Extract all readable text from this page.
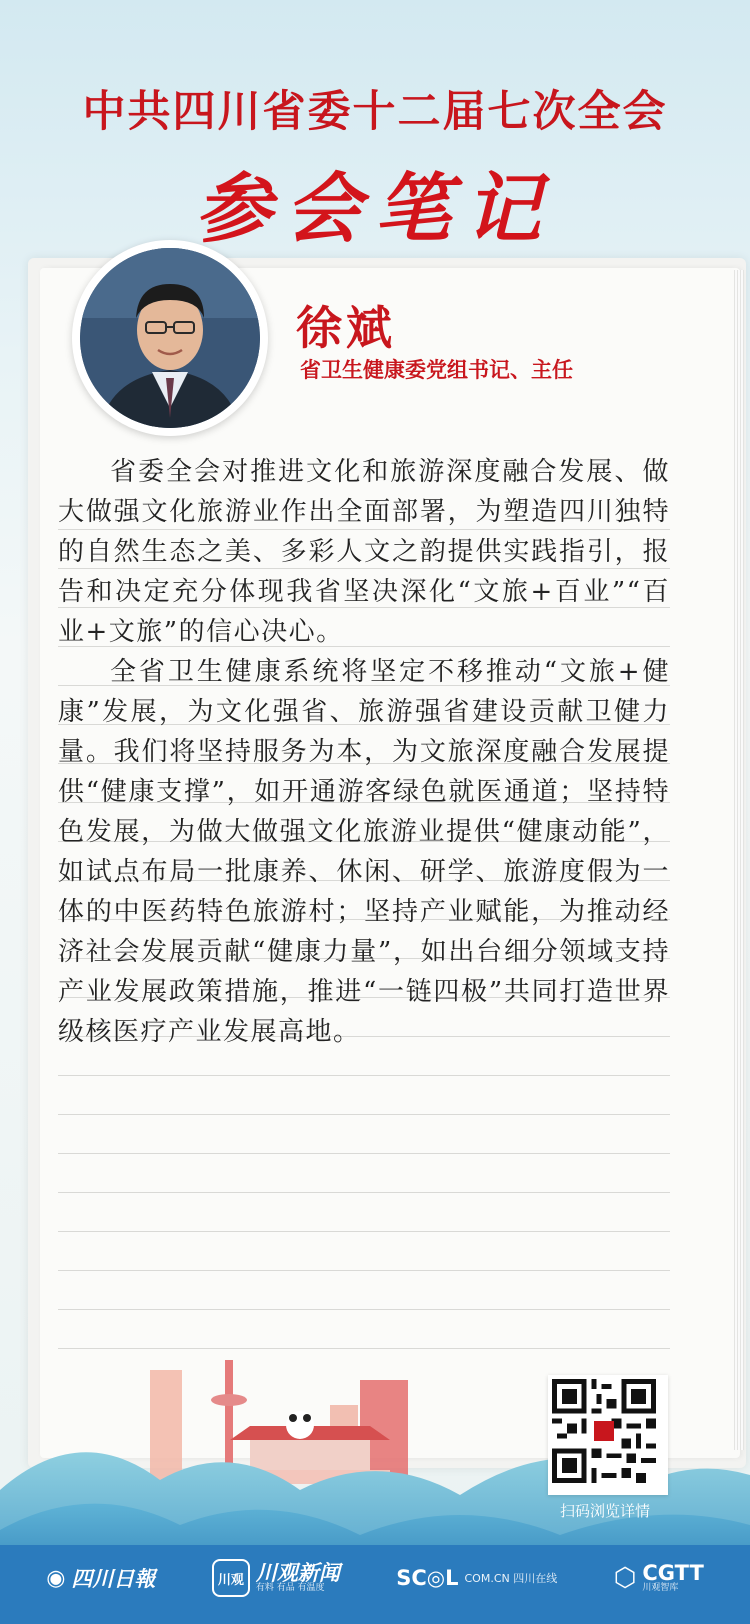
中共四川省委十二届七次全会
参会笔记
徐斌
省卫生健康委党组书记、主任

省委全会对推进文化和旅游深度融合发展、做大做强文化旅游业作出全面部署，为塑造四川独特的自然生态之美、多彩人文之韵提供实践指引，报告和决定充分体现我省坚决深化“文旅+百业”“百业+文旅”的信心决心。

全省卫生健康系统将坚定不移推动“文旅+健康”发展，为文化强省、旅游强省建设贡献卫健力量。我们将坚持服务为本，为文旅深度融合发展提供“健康支撑”，如开通游客绿色就医通道；坚持特色发展，为做大做强文化旅游业提供“健康动能”，如试点布局一批康养、休闲、研学、旅游度假为一体的中医药特色旅游村；坚持产业赋能，为推动经济社会发展贡献“健康力量”，如出台细分领域支持产业发展政策措施，推进“一链四极”共同打造世界级核医疗产业发展高地。

扫码浏览详情
◉ 四川日報	川观 川观新闻
有料 有品 有温度	SC◎L COM.CN 四川在线 ⬡ CGTT
川观智库
